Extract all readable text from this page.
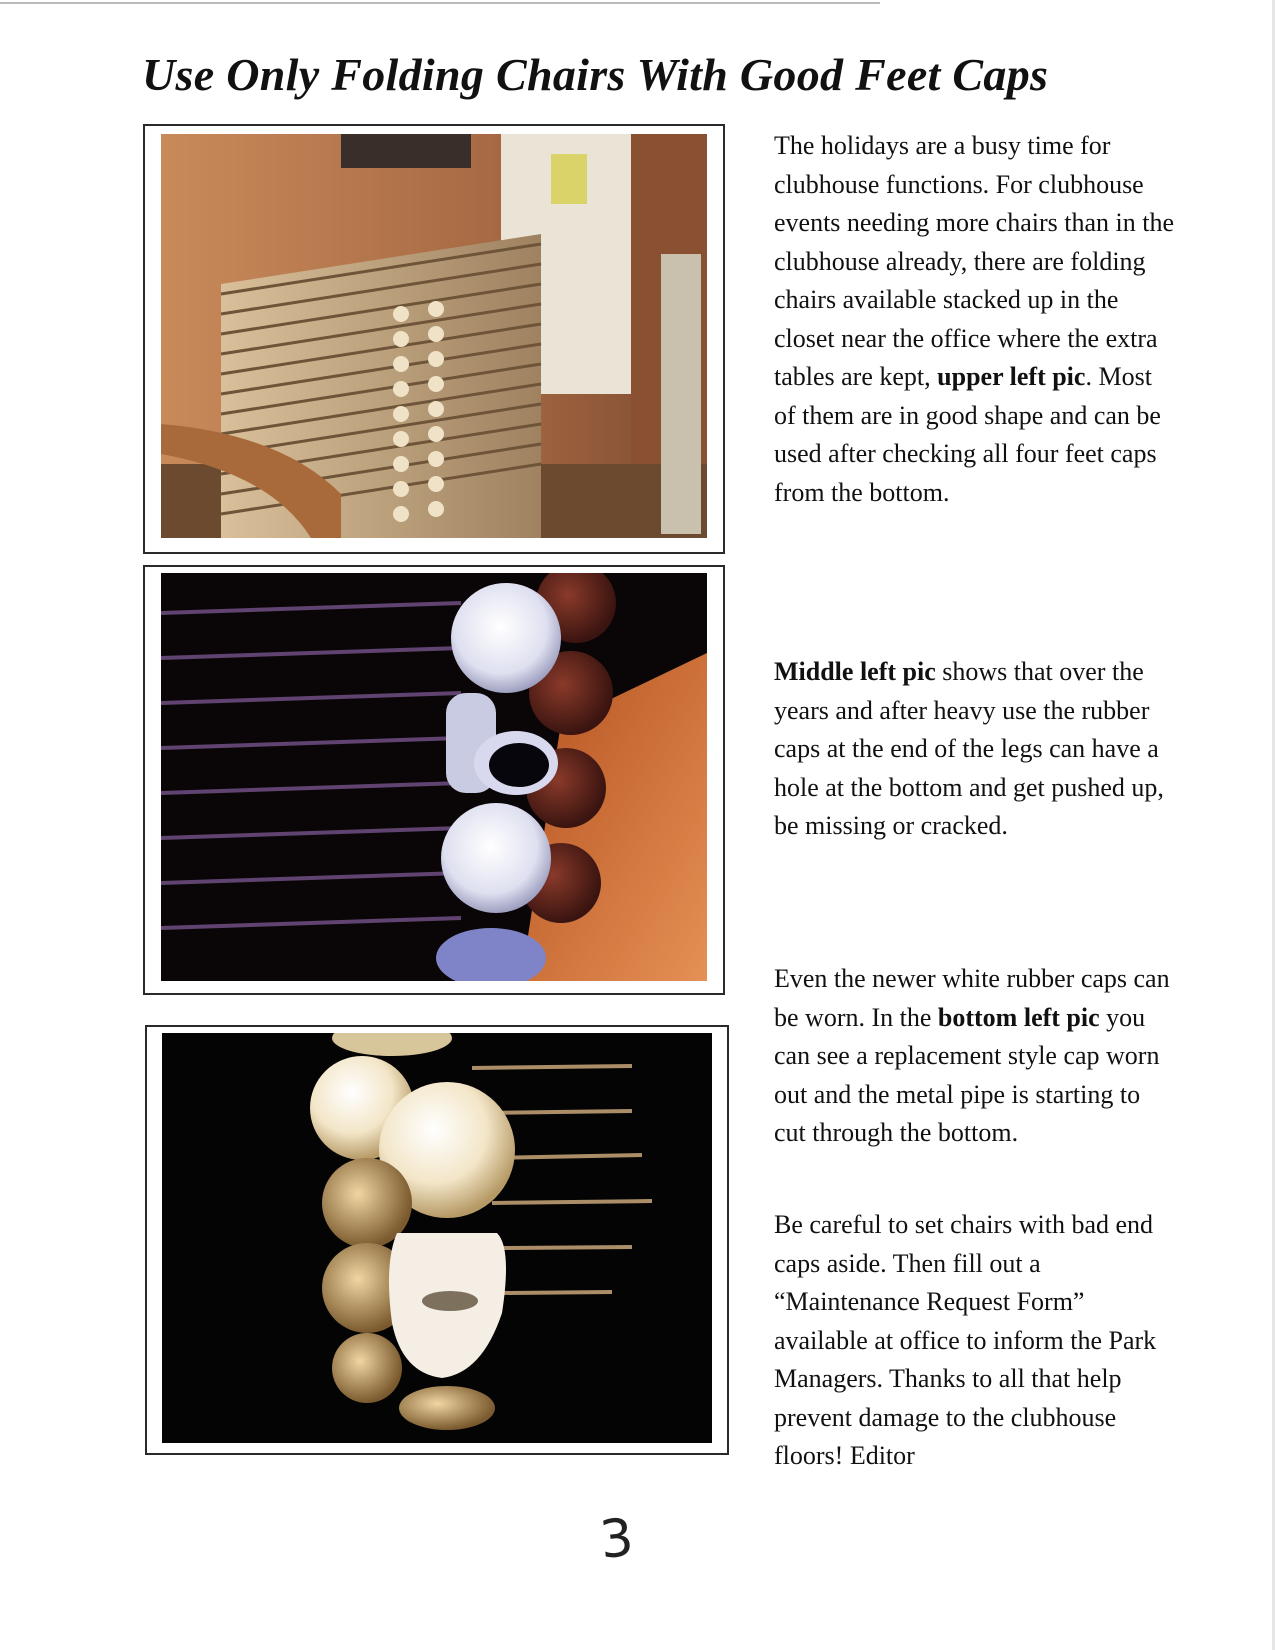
Use Only Folding Chairs With Good Feet Caps

The holidays are a busy time for clubhouse functions. For clubhouse events needing more chairs than in the clubhouse already, there are folding chairs available stacked up in the closet near the office where the extra tables are kept, upper left pic. Most of them are in good shape and can be used after checking all four feet caps from the bottom.

Middle left pic shows that over the years and after heavy use the rubber caps at the end of the legs can have a hole at the bottom and get pushed up, be missing or cracked.

Even the newer white rubber caps can be worn. In the bottom left pic you can see a replacement style cap worn out and the metal pipe is starting to cut through the bottom.

Be careful to set chairs with bad end caps aside. Then fill out a “Maintenance Request Form” available at office to inform the Park Managers. Thanks to all that help prevent damage to the clubhouse floors! Editor

3
